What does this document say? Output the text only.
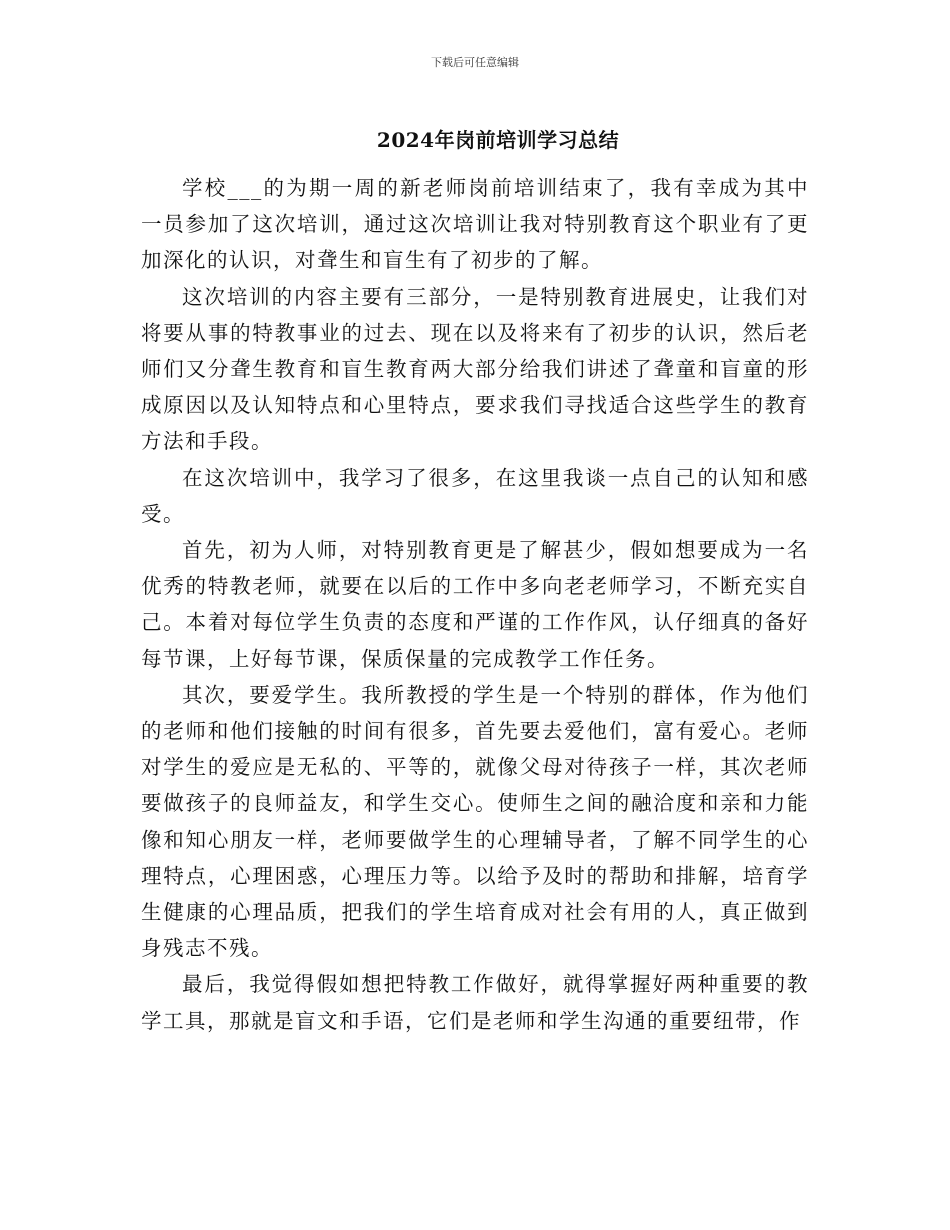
下载后可任意编辑
2024年岗前培训学习总结

学校___的为期一周的新老师岗前培训结束了，我有幸成为其中一员参加了这次培训，通过这次培训让我对特别教育这个职业有了更加深化的认识，对聋生和盲生有了初步的了解。

这次培训的内容主要有三部分，一是特别教育进展史，让我们对将要从事的特教事业的过去、现在以及将来有了初步的认识，然后老师们又分聋生教育和盲生教育两大部分给我们讲述了聋童和盲童的形成原因以及认知特点和心里特点，要求我们寻找适合这些学生的教育方法和手段。

在这次培训中，我学习了很多，在这里我谈一点自己的认知和感受。

首先，初为人师，对特别教育更是了解甚少，假如想要成为一名优秀的特教老师，就要在以后的工作中多向老老师学习，不断充实自己。本着对每位学生负责的态度和严谨的工作作风，认仔细真的备好每节课，上好每节课，保质保量的完成教学工作任务。

其次，要爱学生。我所教授的学生是一个特别的群体，作为他们的老师和他们接触的时间有很多，首先要去爱他们，富有爱心。老师对学生的爱应是无私的、平等的，就像父母对待孩子一样，其次老师要做孩子的良师益友，和学生交心。使师生之间的融洽度和亲和力能像和知心朋友一样，老师要做学生的心理辅导者，了解不同学生的心理特点，心理困惑，心理压力等。以给予及时的帮助和排解，培育学生健康的心理品质，把我们的学生培育成对社会有用的人，真正做到身残志不残。

最后，我觉得假如想把特教工作做好，就得掌握好两种重要的教学工具，那就是盲文和手语，它们是老师和学生沟通的重要纽带，作
